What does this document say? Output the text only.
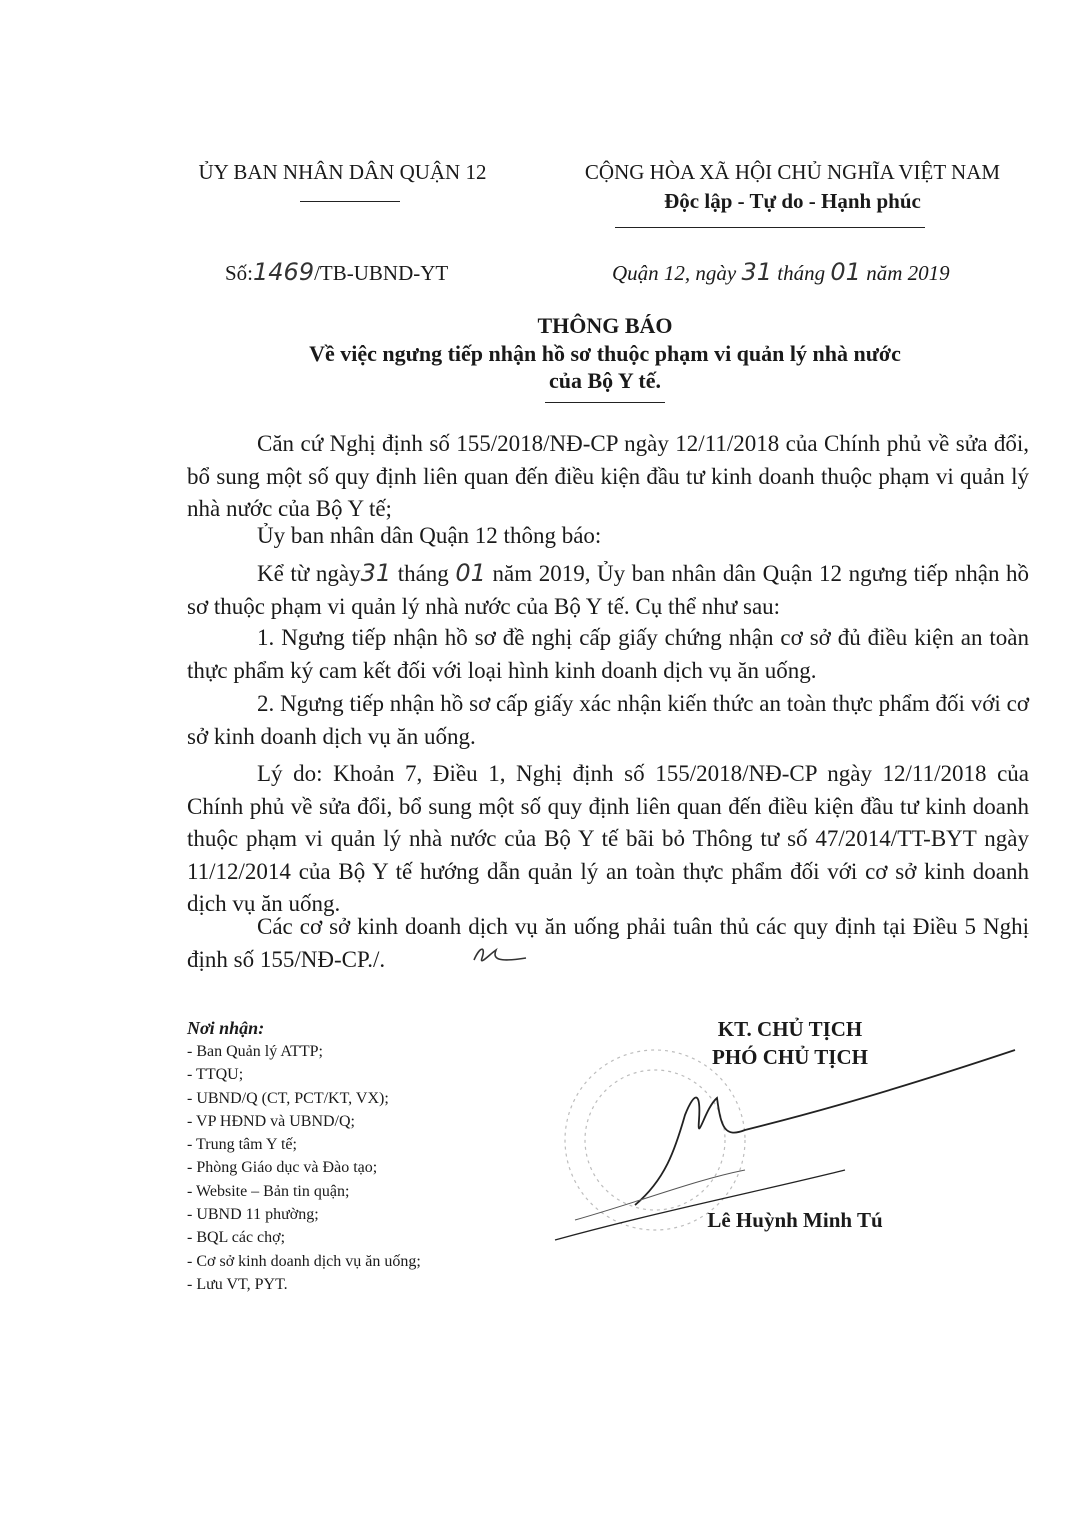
ỦY BAN NHÂN DÂN QUẬN 12	CỘNG HÒA XÃ HỘI CHỦ NGHĨA VIỆT NAM
Độc lập - Tự do - Hạnh phúc
Số:1469/TB-UBND-YT	Quận 12, ngày 31 tháng 01 năm 2019
THÔNG BÁO
Về việc ngưng tiếp nhận hồ sơ thuộc phạm vi quản lý nhà nước
của Bộ Y tế.
Căn cứ Nghị định số 155/2018/NĐ-CP ngày 12/11/2018 của Chính phủ về sửa đổi, bổ sung một số quy định liên quan đến điều kiện đầu tư kinh doanh thuộc phạm vi quản lý nhà nước của Bộ Y tế;
Ủy ban nhân dân Quận 12 thông báo:
Kể từ ngày31 tháng 01 năm 2019, Ủy ban nhân dân Quận 12 ngưng tiếp nhận hồ sơ thuộc phạm vi quản lý nhà nước của Bộ Y tế. Cụ thể như sau:
1. Ngưng tiếp nhận hồ sơ đề nghị cấp giấy chứng nhận cơ sở đủ điều kiện an toàn thực phẩm ký cam kết đối với loại hình kinh doanh dịch vụ ăn uống.
2. Ngưng tiếp nhận hồ sơ cấp giấy xác nhận kiến thức an toàn thực phẩm đối với cơ sở kinh doanh dịch vụ ăn uống.
Lý do: Khoản 7, Điều 1, Nghị định số 155/2018/NĐ-CP ngày 12/11/2018 của Chính phủ về sửa đổi, bổ sung một số quy định liên quan đến điều kiện đầu tư kinh doanh thuộc phạm vi quản lý nhà nước của Bộ Y tế bãi bỏ Thông tư số 47/2014/TT-BYT ngày 11/12/2014 của Bộ Y tế hướng dẫn quản lý an toàn thực phẩm đối với cơ sở kinh doanh dịch vụ ăn uống.
Các cơ sở kinh doanh dịch vụ ăn uống phải tuân thủ các quy định tại Điều 5 Nghị định số 155/NĐ-CP./.
Nơi nhận:
- Ban Quản lý ATTP;
- TTQU;
- UBND/Q (CT, PCT/KT, VX);
- VP HĐND và UBND/Q;
- Trung tâm Y tế;
- Phòng Giáo dục và Đào tạo;
- Website – Bản tin quận;
- UBND 11 phường;
- BQL các chợ;
- Cơ sở kinh doanh dịch vụ ăn uống;
- Lưu VT, PYT.
KT. CHỦ TỊCH
PHÓ CHỦ TỊCH
Lê Huỳnh Minh Tú
